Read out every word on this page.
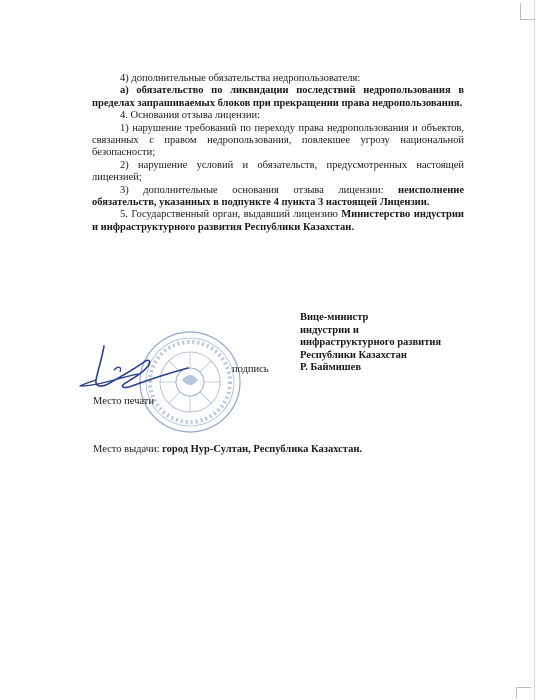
4) дополнительные обязательства недропользователя:

а) обязательство по ликвидации последствий недропользования в пределах запрашиваемых блоков при прекращении права недропользования.

4. Основания отзыва лицензии:

1) нарушение требований по переходу права недропользования и объектов, связанных с правом недропользования, повлекшее угрозу национальной безопасности;

2) нарушение условий и обязательств, предусмотренных настоящей лицензией;

3) дополнительные основания отзыва лицензии: неисполнение обязательств, указанных в подпункте 4 пункта 3 настоящей Лицензии.

5. Государственный орган, выдавший лицензию Министерство индустрии и инфраструктурного развития Республики Казахстан.

подпись
Место печати
Вице-министр
индустрии и
инфраструктурного развития
Республики Казахстан
Р. Баймишев
Место выдачи: город Нур-Султан, Республика Казахстан.
